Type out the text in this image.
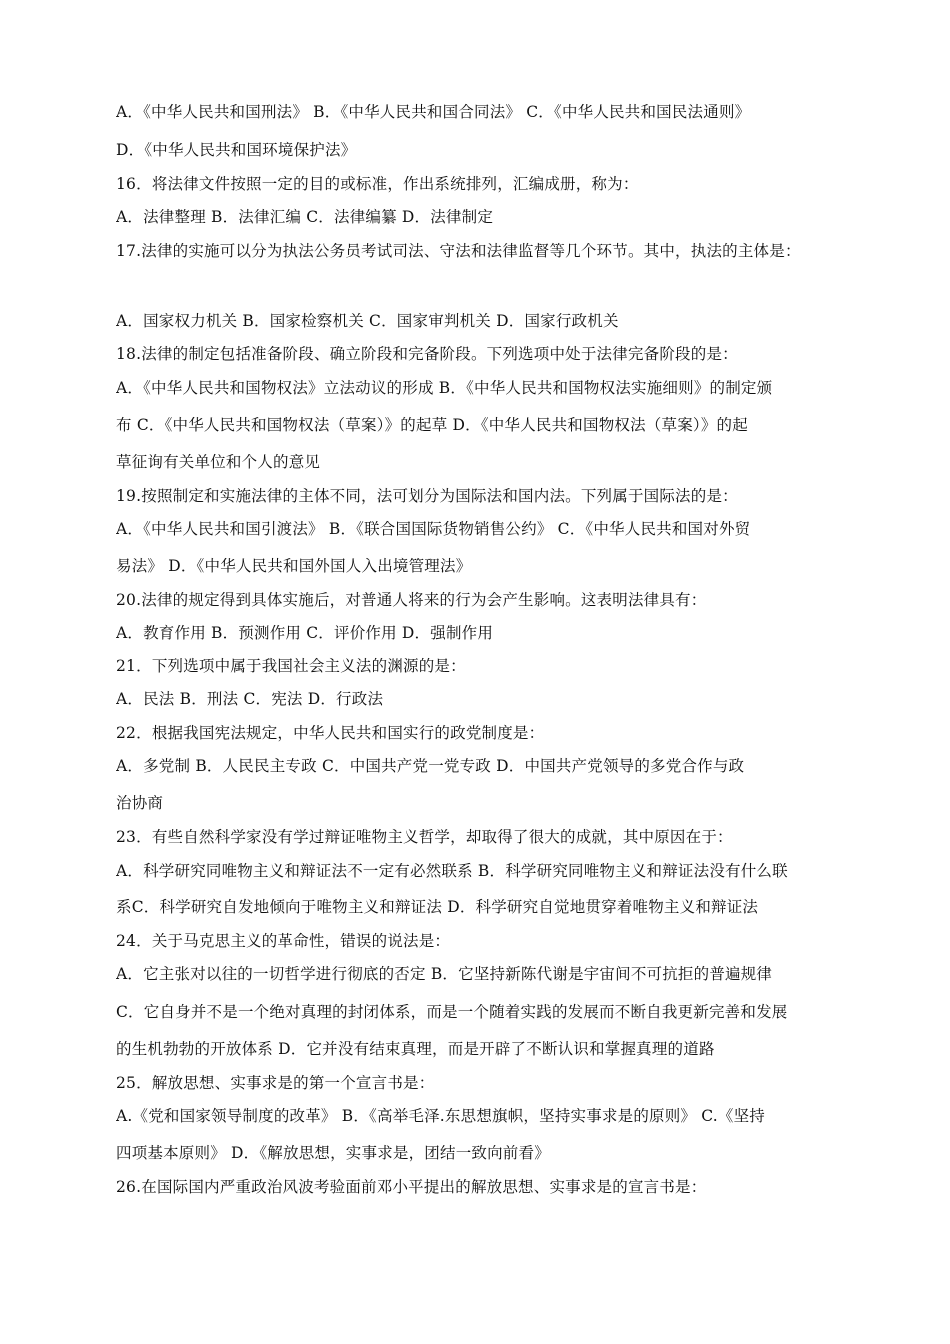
A．《中华人民共和国刑法》 B．《中华人民共和国合同法》 C．《中华人民共和国民法通则》
D．《中华人民共和国环境保护法》
16．将法律文件按照一定的目的或标准，作出系统排列，汇编成册，称为：
A．法律整理 B．法律汇编 C．法律编纂 D．法律制定
17.法律的实施可以分为执法公务员考试司法、守法和法律监督等几个环节。其中，执法的主体是：
A．国家权力机关 B．国家检察机关 C．国家审判机关 D．国家行政机关
18.法律的制定包括准备阶段、确立阶段和完备阶段。下列选项中处于法律完备阶段的是：
A．《中华人民共和国物权法》立法动议的形成 B．《中华人民共和国物权法实施细则》的制定颁
布 C．《中华人民共和国物权法（草案）》的起草 D．《中华人民共和国物权法（草案）》的起
草征询有关单位和个人的意见
19.按照制定和实施法律的主体不同，法可划分为国际法和国内法。下列属于国际法的是：
A．《中华人民共和国引渡法》 B．《联合国国际货物销售公约》 C．《中华人民共和国对外贸
易法》 D．《中华人民共和国外国人入出境管理法》
20.法律的规定得到具体实施后，对普通人将来的行为会产生影响。这表明法律具有：
A．教育作用 B．预测作用 C．评价作用 D．强制作用
21．下列选项中属于我国社会主义法的渊源的是：
A．民法 B．刑法 C．宪法 D．行政法
22．根据我国宪法规定，中华人民共和国实行的政党制度是：
A．多党制 B．人民民主专政 C．中国共产党一党专政 D．中国共产党领导的多党合作与政
治协商
23．有些自然科学家没有学过辩证唯物主义哲学，却取得了很大的成就，其中原因在于：
A．科学研究同唯物主义和辩证法不一定有必然联系 B．科学研究同唯物主义和辩证法没有什么联
系C．科学研究自发地倾向于唯物主义和辩证法 D．科学研究自觉地贯穿着唯物主义和辩证法
24．关于马克思主义的革命性，错误的说法是：
A．它主张对以往的一切哲学进行彻底的否定 B．它坚持新陈代谢是宇宙间不可抗拒的普遍规律
C．它自身并不是一个绝对真理的封闭体系，而是一个随着实践的发展而不断自我更新完善和发展
的生机勃勃的开放体系 D．它并没有结束真理，而是开辟了不断认识和掌握真理的道路
25．解放思想、实事求是的第一个宣言书是：
A.《党和国家领导制度的改革》 B．《高举毛泽.东思想旗帜，坚持实事求是的原则》 C.《坚持
四项基本原则》 D．《解放思想，实事求是，团结一致向前看》
26.在国际国内严重政治风波考验面前邓小平提出的解放思想、实事求是的宣言书是：
